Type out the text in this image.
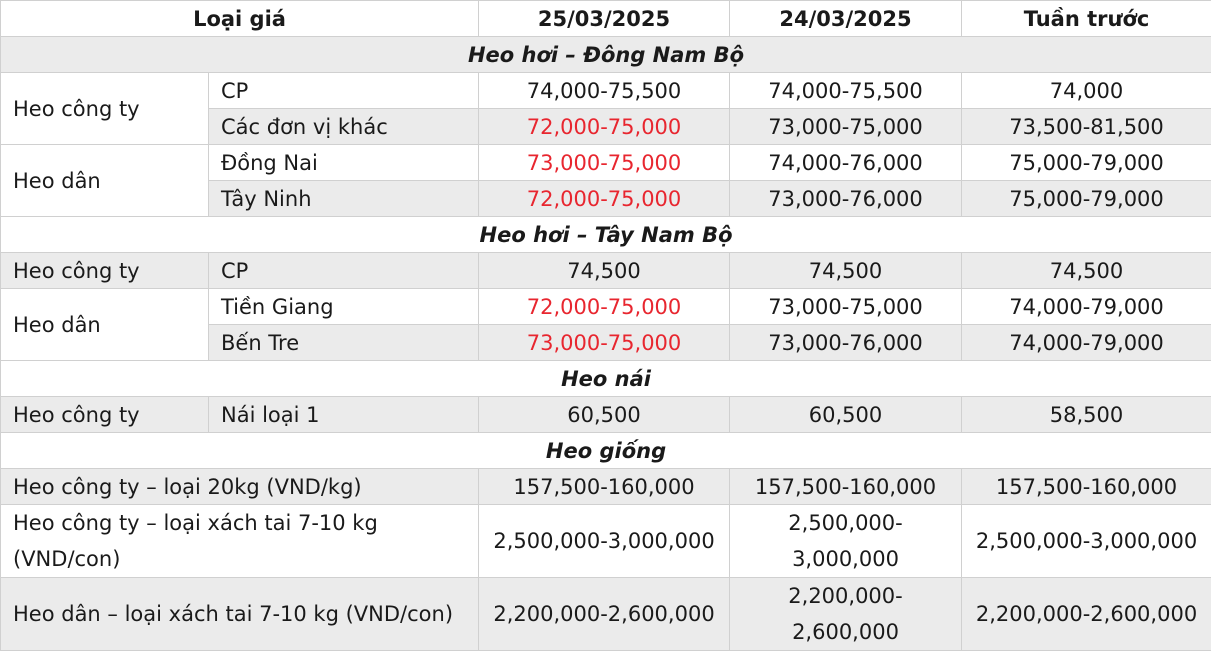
Loại giá		25/03/2025	24/03/2025	Tuần trước
Heo hơi – Đông Nam Bộ				
Heo công ty	CP	74,000-75,500	74,000-75,500	74,000
	Các đơn vị khác	72,000-75,000	73,000-75,000	73,500-81,500
Heo dân	Đồng Nai	73,000-75,000	74,000-76,000	75,000-79,000
	Tây Ninh	72,000-75,000	73,000-76,000	75,000-79,000
Heo hơi – Tây Nam Bộ				
Heo công ty	CP	74,500	74,500	74,500
Heo dân	Tiền Giang	72,000-75,000	73,000-75,000	74,000-79,000
	Bến Tre	73,000-75,000	73,000-76,000	74,000-79,000
Heo nái				
Heo công ty	Nái loại 1	60,500	60,500	58,500
Heo giống				
Heo công ty – loại 20kg (VND/kg)		157,500-160,000	157,500-160,000	157,500-160,000
Heo công ty – loại xách tai 7-10 kg (VND/con)		2,500,000-3,000,000	2,500,000-3,000,000	2,500,000-3,000,000
Heo dân – loại xách tai 7-10 kg (VND/con)		2,200,000-2,600,000	2,200,000-2,600,000	2,200,000-2,600,000
